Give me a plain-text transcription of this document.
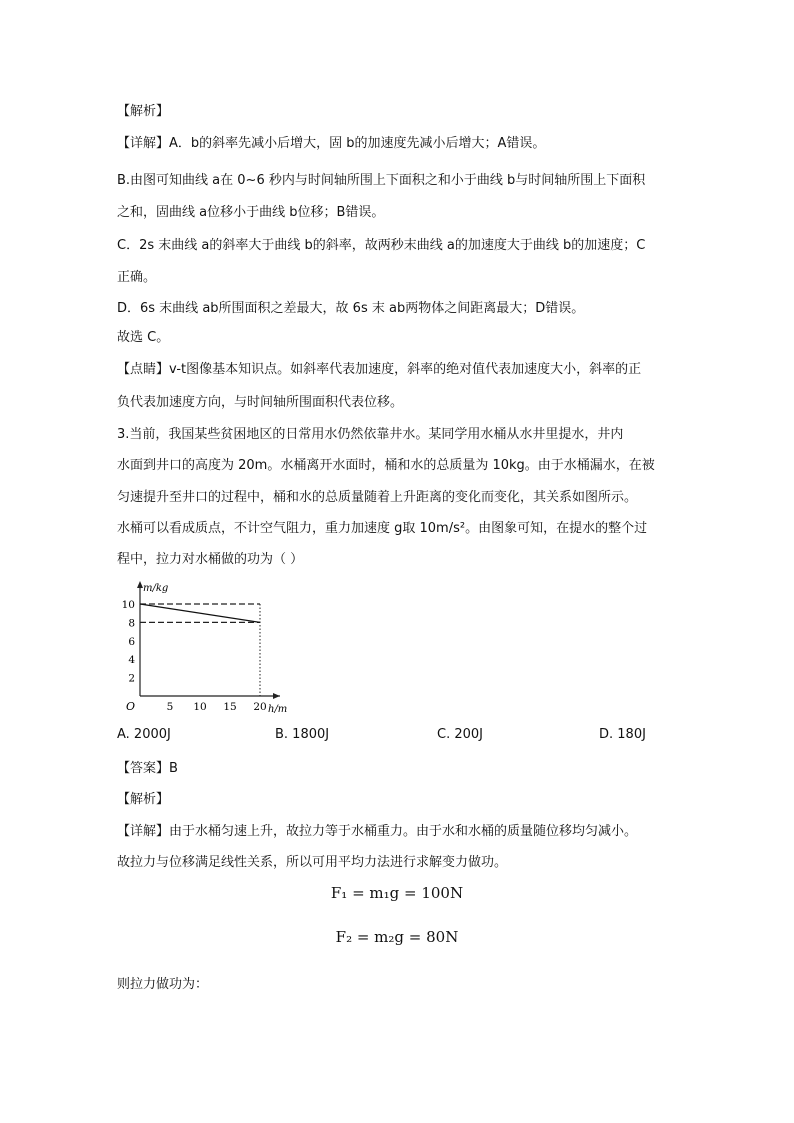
【解析】
【详解】A．b的斜率先减小后增大，固 b的加速度先减小后增大；A错误。
B.由图可知曲线 a在 0~6 秒内与时间轴所围上下面积之和小于曲线 b与时间轴所围上下面积
之和，固曲线 a位移小于曲线 b位移；B错误。
C．2s 末曲线 a的斜率大于曲线 b的斜率，故两秒末曲线 a的加速度大于曲线 b的加速度；C
正确。
D．6s 末曲线 ab所围面积之差最大，故 6s 末 ab两物体之间距离最大；D错误。
故选 C。
【点睛】v-t图像基本知识点。如斜率代表加速度，斜率的绝对值代表加速度大小，斜率的正
负代表加速度方向，与时间轴所围面积代表位移。
3.当前，我国某些贫困地区的日常用水仍然依靠井水。某同学用水桶从水井里提水，井内
水面到井口的高度为 20m。水桶离开水面时，桶和水的总质量为 10kg。由于水桶漏水，在被
匀速提升至井口的过程中，桶和水的总质量随着上升距离的变化而变化，其关系如图所示。
水桶可以看成质点，不计空气阻力，重力加速度 g取 10m/s²。由图象可知，在提水的整个过
程中，拉力对水桶做的功为（ ）
m/kg
h/m
O	5 10 15 20
2
4
6
8
10
A. 2000J	B. 1800J	C. 200J	D. 180J
【答案】B
【解析】
【详解】由于水桶匀速上升，故拉力等于水桶重力。由于水和水桶的质量随位移均匀减小。
故拉力与位移满足线性关系，所以可用平均力法进行求解变力做功。
F₁ = m₁g = 100N
F₂ = m₂g = 80N
则拉力做功为：
